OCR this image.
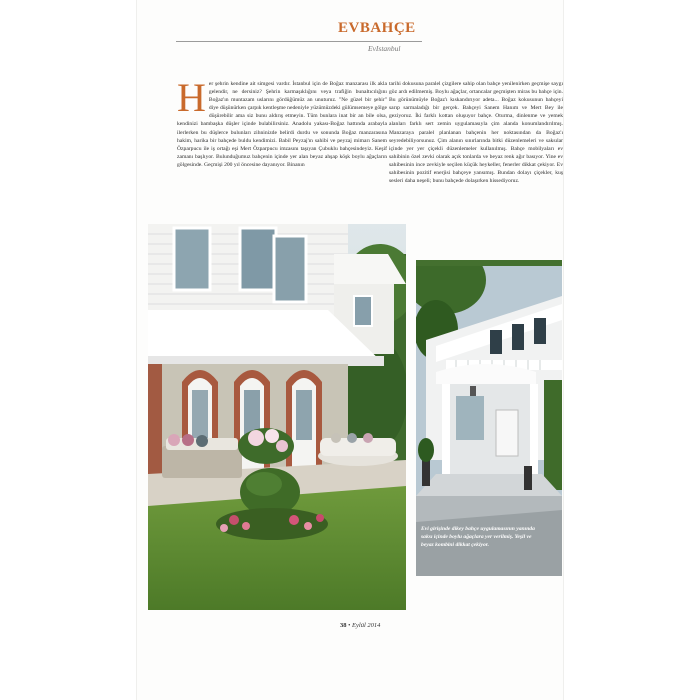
EVBAHÇE
EvIstanbul
H er şehrin kendine ait simgesi vardır. İstanbul için de Boğaz manzarası ilk akla gelendir, ne dersiniz? Şehrin karmaşıklığını veya trafiğin bunaltıcılığını Boğaz'ın muntazam uslarını gördüğümüz an unuturuz. "Ne güzel bir şehir" diye düşünürken çarpık kentleşme nedeniyle yüzümüzdeki gülümsemeye gölge düşürebilir ama siz bunu aldırış etmeyin. Tüm bunlara inat bir an bile olsa, kendinizi bambaşka düşler içinde bulabilirsiniz. Anadolu yakası-Boğaz hattında arabayla ilerlerken bu düşlerce bulunları zihninizde belirdi durdu ve sonunda Boğaz manzarasına hakim, harika bir bahçede buldu kendimizi. Babil Peyzaj'ın sahibi ve peyzaj mimarı Sanem Özparpucu ile iş ortağı eşi Mert Özparpucu imzasını taşıyan Çubuklu bahçesindeyiz. Keşif zamanı başlıyor. Bulunduğumuz bahçenin içinde yer alan beyaz ahşap köşk boylu ağaçların gölgesinde. Geçmişi 200 yıl öncesine dayanıyor. Binanın
tarihi dokusuna paralel çizgilere sahip olan bahçe yenilenirken geçmişe saygı göz ardı edilmemiş. Boylu ağaçlar, ortancalar geçmişten miras bu bahçe için. Bu görünümüyle Boğaz'ı kıskandırıyor adeta... Boğaz kokusunun bahçeyi sarıp sarmaladığı bir gerçek. Bahçeyi Sanem Hanım ve Mert Bey ile geziyoruz. İki farklı kottan oluşuyor bahçe. Oturma, dinlenme ve yemek alanları farklı sert zemin uygulamasıyla çim alanda konumlandırılmış. Manzaraya paralel planlanan bahçenin her noktasından da Boğaz'ı seyredebiliyorsunuz. Çim alanın sınırlarında bitki düzenlemeleri ve saksılar içinde yer yer çiçekli düzenlemeler kullanılmış. Bahçe mobilyaları ev sahibinin özel zevki olarak açık tonlarda ve beyaz renk ağır basıyor. Yine ev sahibesinin ince zevkiyle seçilen küçük heykeller, fenerler dikkat çekiyor. Ev sahibesinin pozitif enerjisi bahçeye yansımış. Bundan dolayı çiçekler, kuş sesleri daha neşeli; bunu bahçede dolaşırken hissediyoruz.
Evi girişinde dikey bahçe uygulamasının yanında saksı içinde boylu ağaçlara yer verilmiş. Yeşil ve beyaz kombini dikkat çekiyor.
38 • Eylül 2014
